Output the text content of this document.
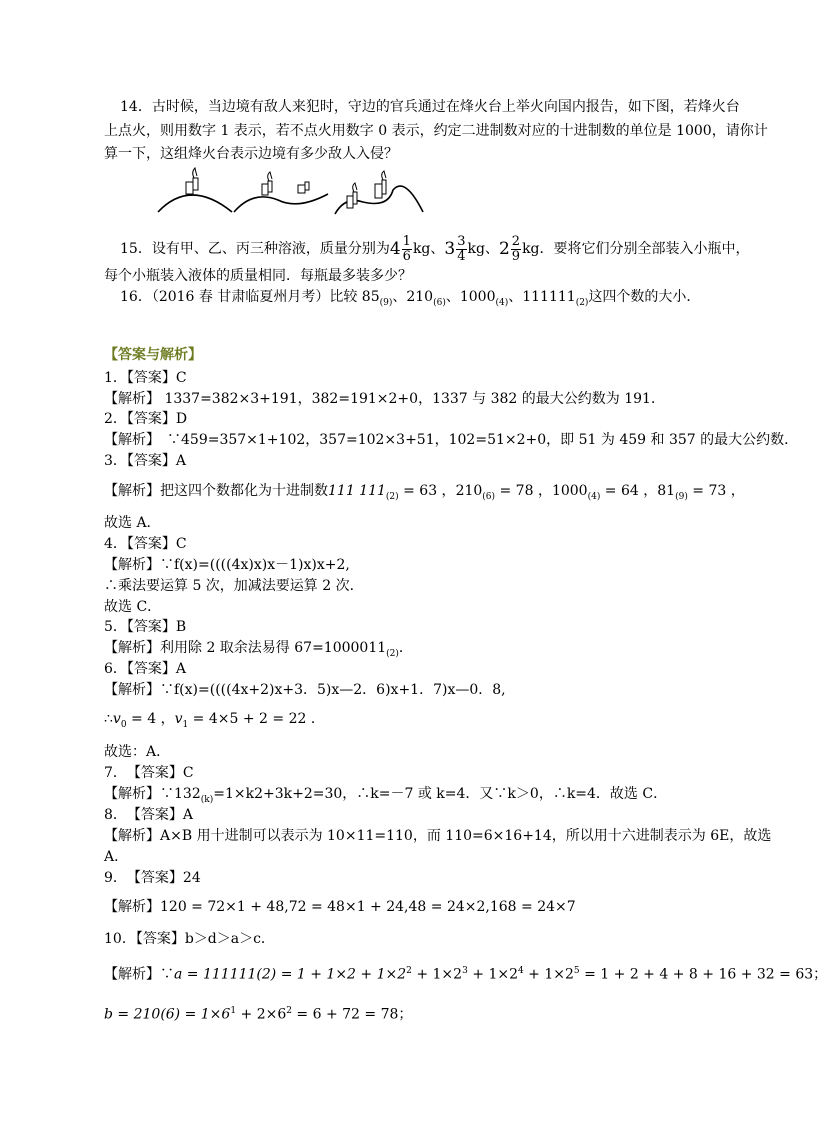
14．古时候，当边境有敌人来犯时，守边的官兵通过在烽火台上举火向国内报告，如下图，若烽火台
上点火，则用数字 1 表示，若不点火用数字 0 表示，约定二进制数对应的十进制数的单位是 1000，请你计
算一下，这组烽火台表示边境有多少敌人入侵？
15．设有甲、乙、丙三种溶液，质量分别为$4 \frac{1}{6}$ kg、$3 \frac{3}{4}$ kg、$2 \frac{2}{9}$ kg．要将它们分别全部装入小瓶中，
每个小瓶装入液体的质量相同．每瓶最多装多少？
16．（2016 春 甘肃临夏州月考）比较 $85_{(9)}$、$210_{(6)}$、$1000_{(4)}$、$111111_{(2)}$这四个数的大小．
【答案与解析】
1．【答案】C
【解析】 1337=382×3+191，382=191×2+0，1337 与 382 的最大公约数为 191．
2．【答案】D
【解析】　∵459=357×1+102，357=102×3+51，102=51×2+0，即 51 为 459 和 357 的最大公约数．
3．【答案】A
【解析】把这四个数都化为十进制数111 $111_{(2)} = 63$ ，$210_{(6)} = 78$ ，$1000_{(4)} = 64$ ，$81_{(9)} = 73$ ，
故选 A．
4．【答案】C
【解析】∵f(x)=((((4x)x)x－1)x)x+2,
∴乘法要运算 5 次，加减法要运算 2 次．
故选 C．
5．【答案】B
【解析】利用除 2 取余法易得 $67=1000011_{(2)}$．
6．【答案】A
【解析】∵f(x)=((((4x+2)x+3．5)x—2．6)x+1．7)x—0．8,
$\therefore v_0 = 4$ ，$v_1 = 4\times 5 + 2 = 22$ ．
故选：A．
7．　【答案】C
【解析】$\because 132_{(k)}=1\times k2+3k+2=30$，∴k=－7 或 k=4．又∵k＞0，∴k=4．故选 C．
8．　【答案】A
【解析】A×B 用十进制可以表示为 10×11=110，而 110=6×16+14，所以用十六进制表示为 6E，故选
A．
9．　【答案】24
【解析】120 = 72×1 + 48,72 = 48×1 + 24,48 = 24×2,168 = 24×7
10．【答案】b＞d＞a＞c．
【解析】∵a = $111111(2) = 1 + 1\times 2 + 1\times 2^2 + 1\times 2^3 + 1\times 2^4 + 1\times 2^5 = 1 + 2 + 4 + 8 + 16 + 32 = 63$；
$b = 210(6) = 1\times 6^1 + 2\times 6^2 = 6 + 72 = 78$；
